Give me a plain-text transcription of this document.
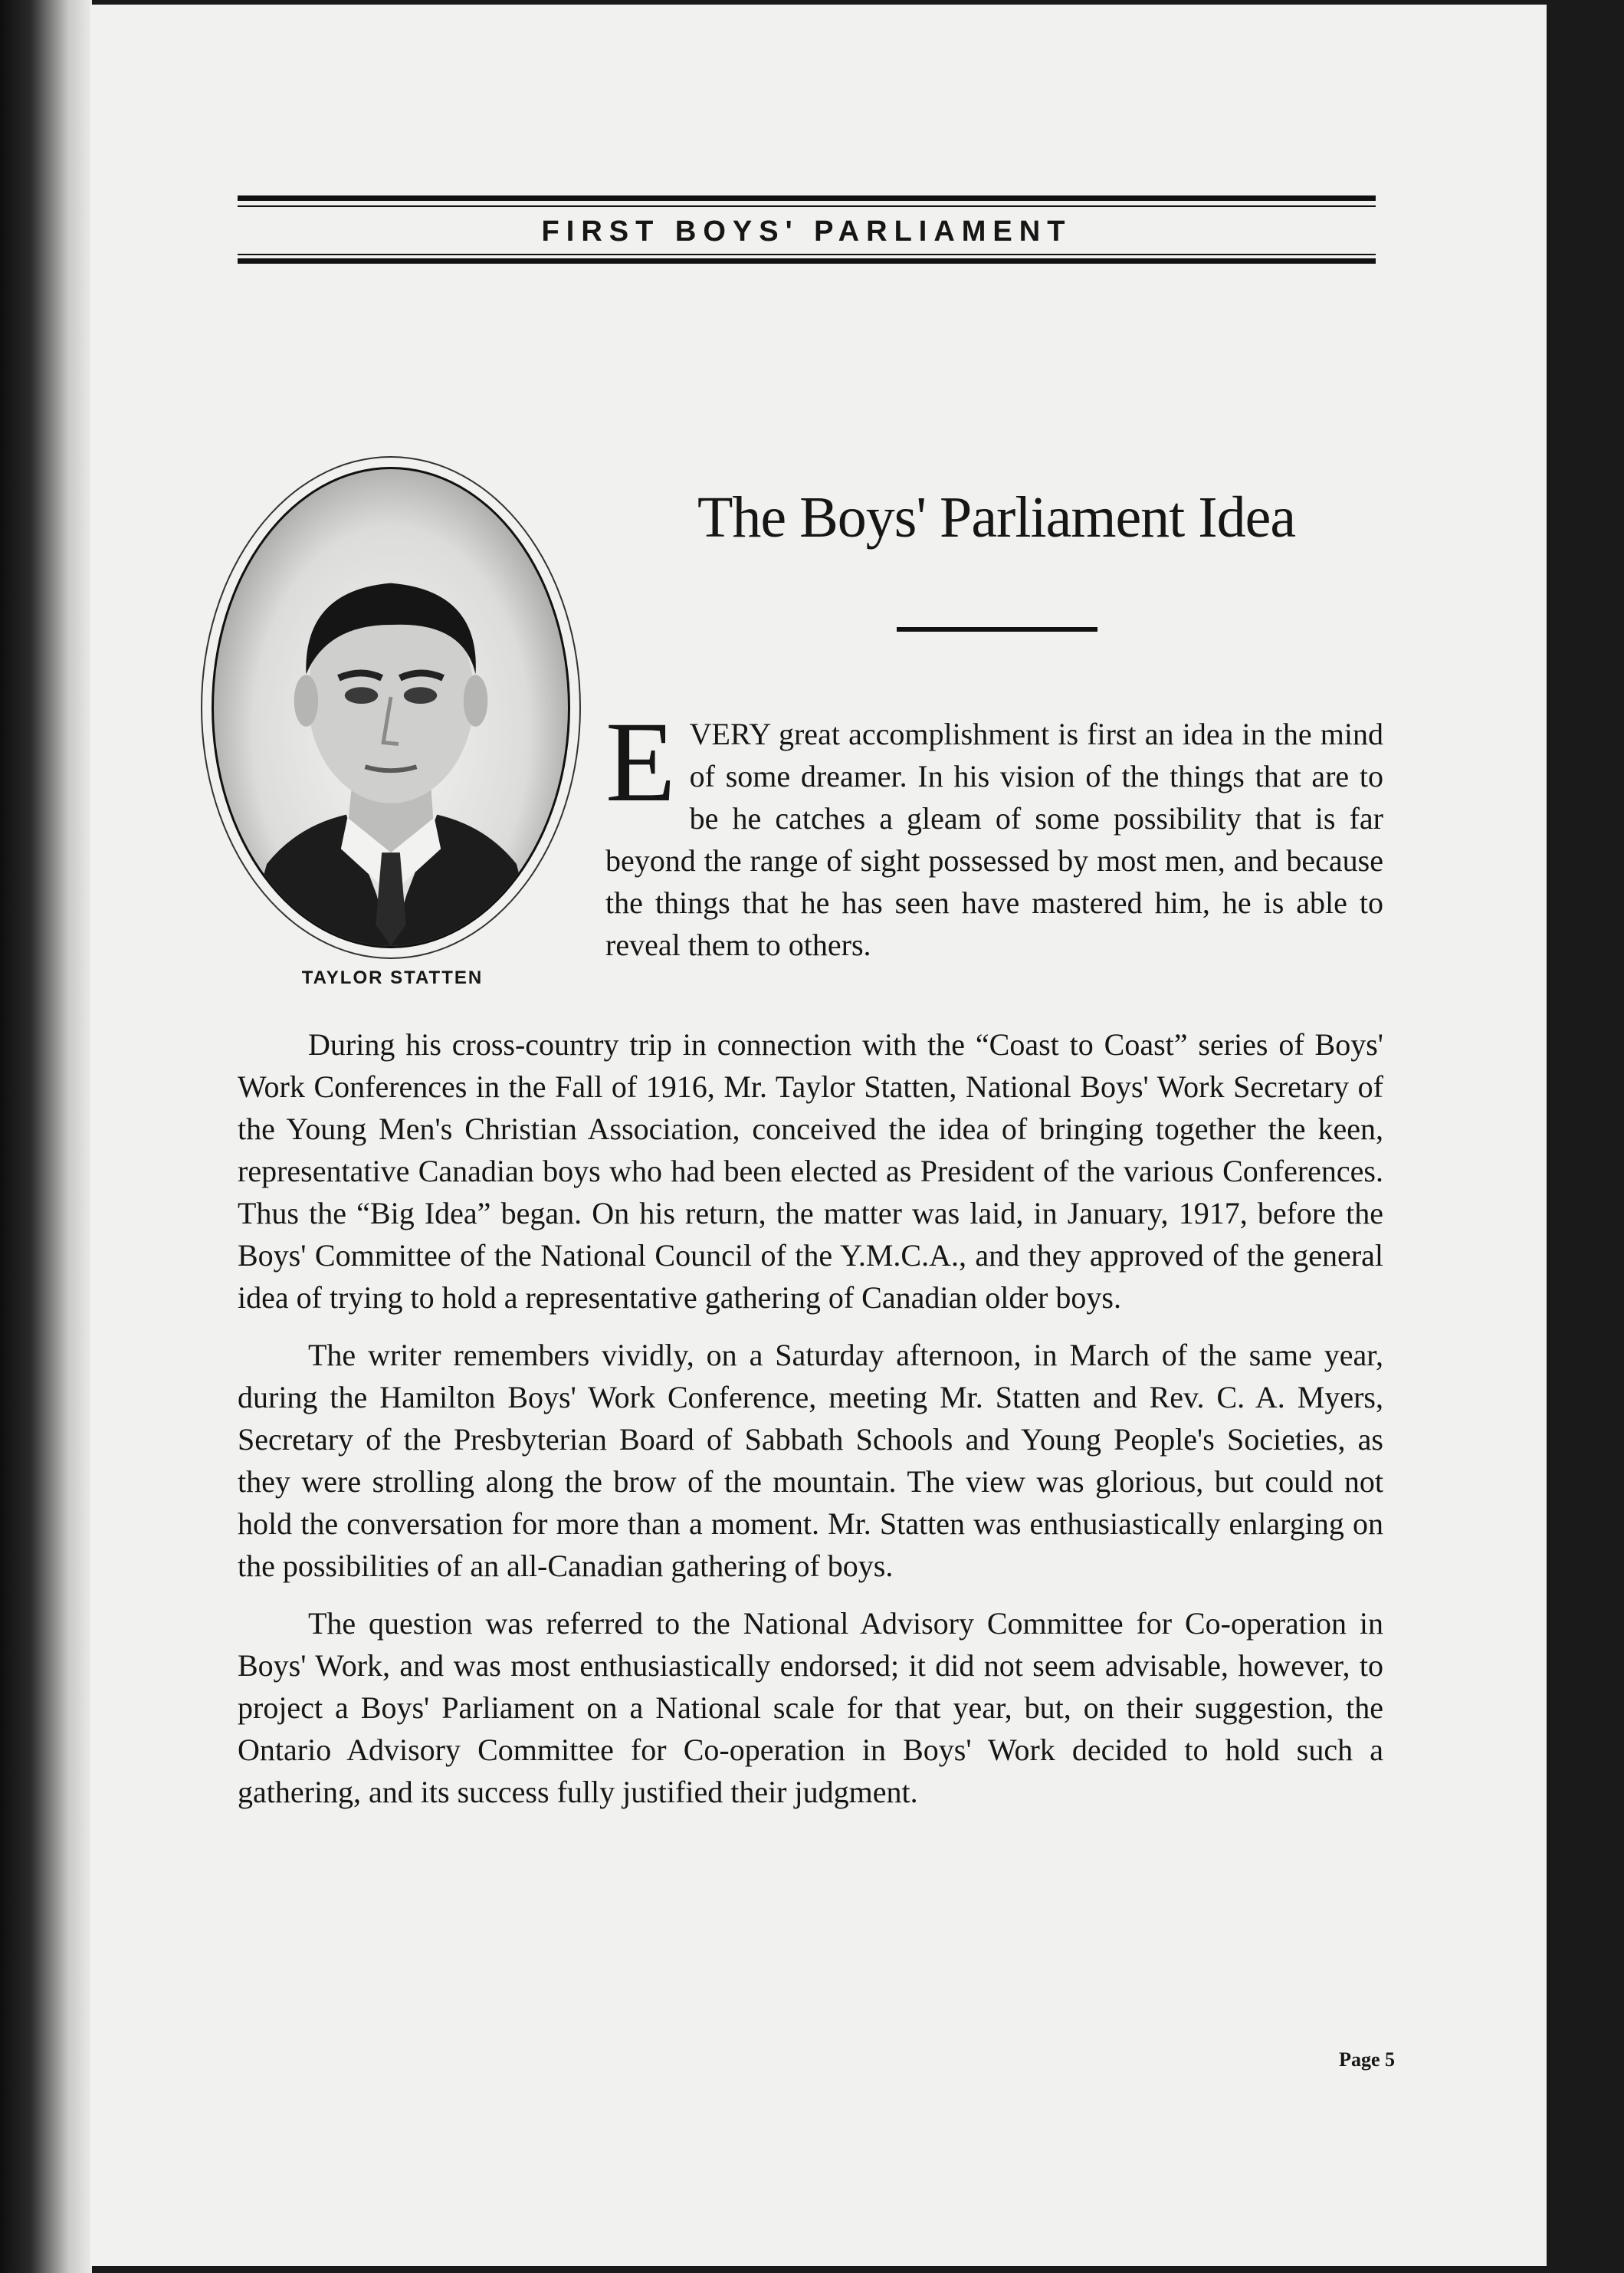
FIRST BOYS' PARLIAMENT
TAYLOR STATTEN
The Boys' Parliament Idea
E VERY great accomplishment is first an idea in the mind of some dreamer. In his vision of the things that are to be he catches a gleam of some possibility that is far beyond the range of sight possessed by most men, and because the things that he has seen have mastered him, he is able to reveal them to others.

During his cross-country trip in connection with the “Coast to Coast” series of Boys' Work Conferences in the Fall of 1916, Mr. Taylor Statten, National Boys' Work Secretary of the Young Men's Christian Association, conceived the idea of bringing together the keen, representative Canadian boys who had been elected as President of the various Conferences. Thus the “Big Idea” began. On his return, the matter was laid, in January, 1917, before the Boys' Committee of the National Council of the Y.M.C.A., and they approved of the general idea of trying to hold a representative gathering of Canadian older boys.

The writer remembers vividly, on a Saturday afternoon, in March of the same year, during the Hamilton Boys' Work Conference, meeting Mr. Statten and Rev. C. A. Myers, Secretary of the Presbyterian Board of Sabbath Schools and Young People's Societies, as they were strolling along the brow of the mountain. The view was glorious, but could not hold the conversation for more than a moment. Mr. Statten was enthusiastically enlarging on the possibilities of an all-Canadian gathering of boys.

The question was referred to the National Advisory Committee for Co-operation in Boys' Work, and was most enthusiastically endorsed; it did not seem advisable, however, to project a Boys' Parliament on a National scale for that year, but, on their suggestion, the Ontario Advisory Committee for Co-operation in Boys' Work decided to hold such a gathering, and its success fully justified their judgment.

Page 5
